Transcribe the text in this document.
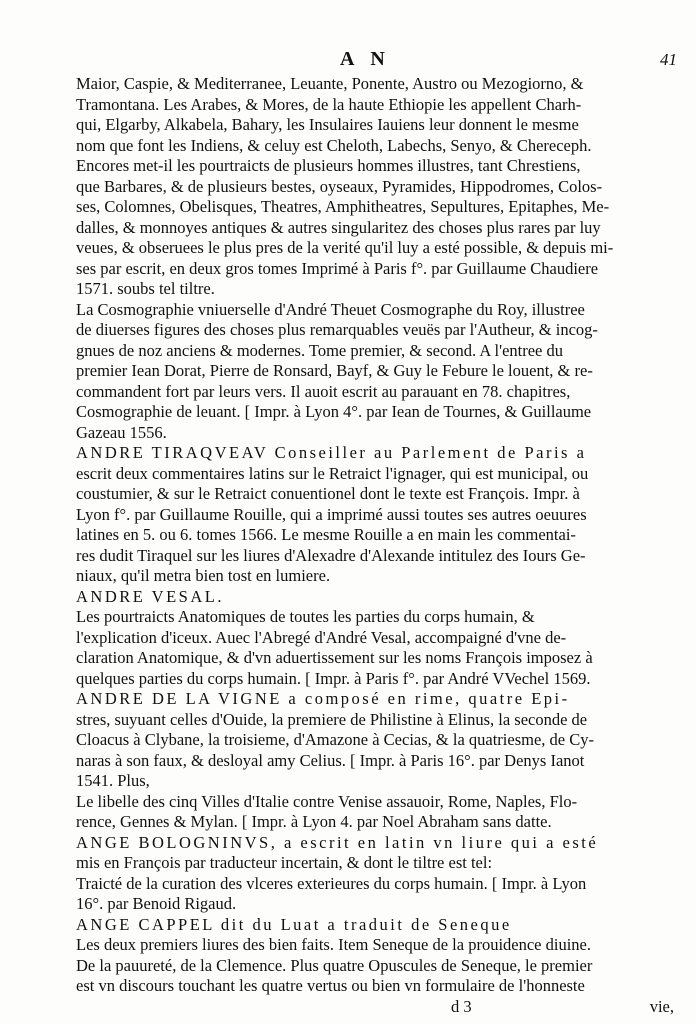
A N	41
Maior, Caspie, & Mediterranee, Leuante, Ponente, Austro ou Mezogiorno, &
Tramontana. Les Arabes, & Mores, de la haute Ethiopie les appellent Charh-
qui, Elgarby, Alkabela, Bahary, les Insulaires Iauiens leur donnent le mesme
nom que font les Indiens, & celuy est Cheloth, Labechs, Senyo, & Chereceph.
Encores met-il les pourtraicts de plusieurs hommes illustres, tant Chrestiens,
que Barbares, & de plusieurs bestes, oyseaux, Pyramides, Hippodromes, Colos-
ses, Colomnes, Obelisques, Theatres, Amphitheatres, Sepultures, Epitaphes, Me-
dalles, & monnoyes antiques & autres singularitez des choses plus rares par luy
veues, & obseruees le plus pres de la verité qu'il luy a esté possible, & depuis mi-
ses par escrit, en deux gros tomes Imprimé à Paris f°. par Guillaume Chaudiere
1571. soubs tel tiltre.
La Cosmographie vniuerselle d'André Theuet Cosmographe du Roy, illustree
de diuerses figures des choses plus remarquables veuës par l'Autheur, & incog-
gnues de noz anciens & modernes. Tome premier, & second. A l'entree du
premier Iean Dorat, Pierre de Ronsard, Bayf, & Guy le Febure le louent, & re-
commandent fort par leurs vers. Il auoit escrit au parauant en 78. chapitres,
Cosmographie de leuant. [ Impr. à Lyon 4°. par Iean de Tournes, & Guillaume
Gazeau 1556.
ANDRE TIRAQVEAV Conseiller au Parlement de Paris a
escrit deux commentaires latins sur le Retraict l'ignager, qui est municipal, ou
coustumier, & sur le Retraict conuentionel dont le texte est François. Impr. à
Lyon f°. par Guillaume Rouille, qui a imprimé aussi toutes ses autres oeuures
latines en 5. ou 6. tomes 1566. Le mesme Rouille a en main les commentai-
res dudit Tiraquel sur les liures d'Alexadre d'Alexande intitulez des Iours Ge-
niaux, qu'il metra bien tost en lumiere.
ANDRE VESAL.
Les pourtraicts Anatomiques de toutes les parties du corps humain, &
l'explication d'iceux. Auec l'Abregé d'André Vesal, accompaigné d'vne de-
claration Anatomique, & d'vn aduertissement sur les noms François imposez à
quelques parties du corps humain. [ Impr. à Paris f°. par André VVechel 1569.
ANDRE DE LA VIGNE a composé en rime, quatre Epi-
stres, suyuant celles d'Ouide, la premiere de Philistine à Elinus, la seconde de
Cloacus à Clybane, la troisieme, d'Amazone à Cecias, & la quatriesme, de Cy-
naras à son faux, & desloyal amy Celius. [ Impr. à Paris 16°. par Denys Ianot
1541. Plus,
Le libelle des cinq Villes d'Italie contre Venise assauoir, Rome, Naples, Flo-
rence, Gennes & Mylan. [ Impr. à Lyon 4. par Noel Abraham sans datte.
ANGE BOLOGNINVS, a escrit en latin vn liure qui a esté
mis en François par traducteur incertain, & dont le tiltre est tel:
Traicté de la curation des vlceres exterieures du corps humain. [ Impr. à Lyon
16°. par Benoid Rigaud.
ANGE CAPPEL dit du Luat a traduit de Seneque
Les deux premiers liures des bien faits. Item Seneque de la prouidence diuine.
De la pauureté, de la Clemence. Plus quatre Opuscules de Seneque, le premier
est vn discours touchant les quatre vertus ou bien vn formulaire de l'honneste
d 3	vie,
